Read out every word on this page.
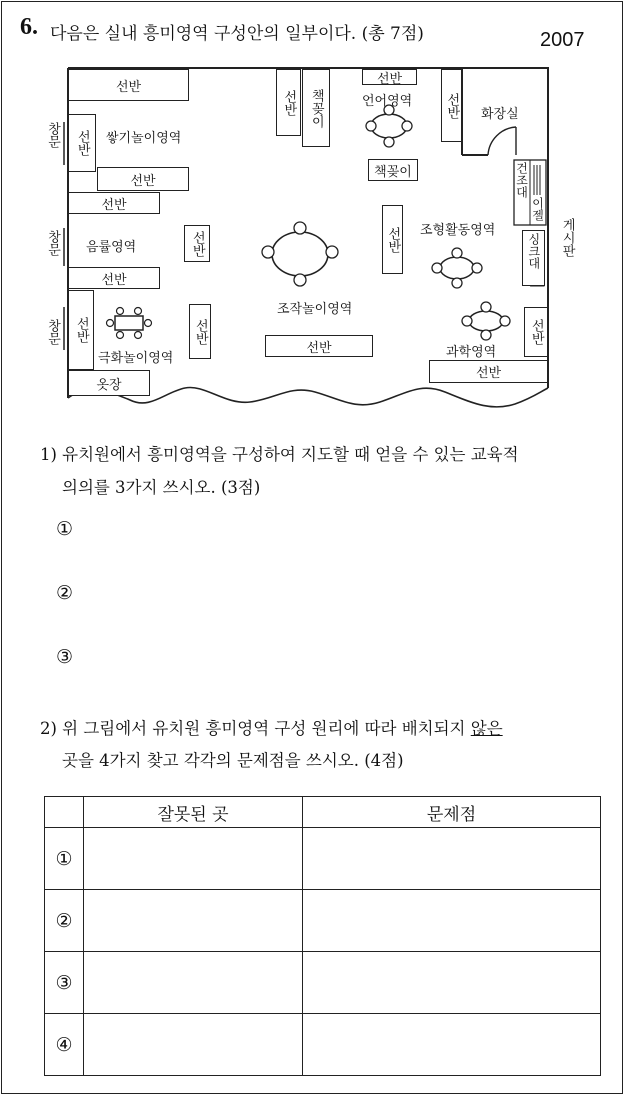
6. 다음은 실내 흥미영역 구성안의 일부이다. (총 7점)	2007
창문
창문
창문
선반
선반
선반
선반
선반
선반
선반	선반
옷장
선반 책꽂이
선반
책꽂이
선반
선반
선반
선반
선반
싱크대
건조대
이젤
게시판
쌓기놀이영역
언어영역
화장실
음률영역
조형활동영역
조작놀이영역
극화놀이영역	과학영역
1) 유치원에서 흥미영역을 구성하여 지도할 때 얻을 수 있는 교육적
의의를 3가지 쓰시오. (3점)
①
②
③
2) 위 그림에서 유치원 흥미영역 구성 원리에 따라 배치되지 않은
곳을 4가지 찾고 각각의 문제점을 쓰시오. (4점)
	잘못된 곳	문제점
①		
②		
③		
④		
